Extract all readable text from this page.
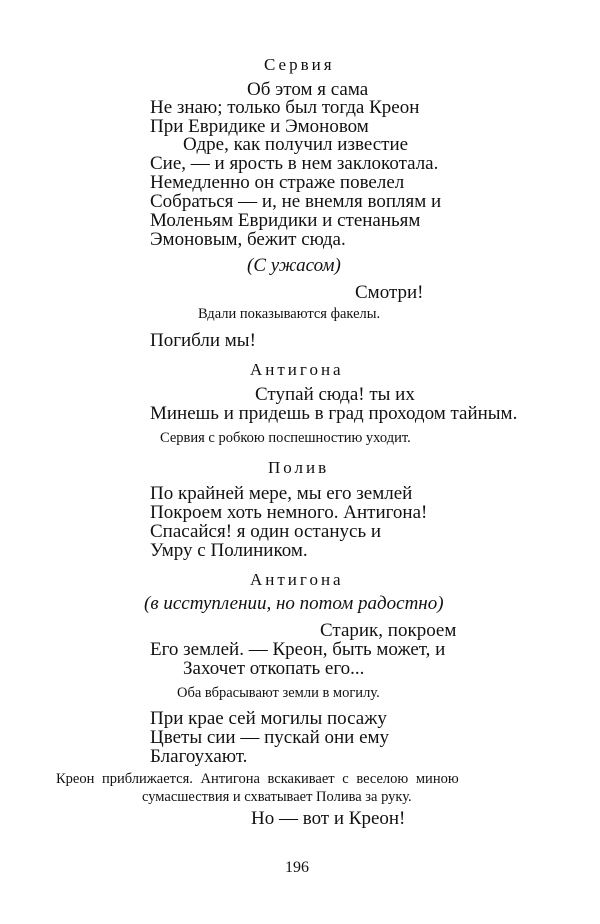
Сервия
Об этом я сама
Не знаю; только был тогда Креон
При Евридике и Эмоновом
Одре, как получил известие
Сие, — и ярость в нем заклокотала.
Немедленно он страже повелел
Собраться — и, не внемля воплям и
Моленьям Евридики и стенаньям
Эмоновым, бежит сюда.
(С ужасом)
Смотри!
Вдали показываются факелы.
Погибли мы!
Антигона
Ступай сюда! ты их
Минешь и придешь в град проходом тайным.
Сервия с робкою поспешностию уходит.
Полив
По крайней мере, мы его землей
Покроем хоть немного. Антигона!
Спасайся! я один останусь и
Умру с Полиником.
Антигона
(в исступлении, но потом радостно)
Старик, покроем
Его землей. — Креон, быть может, и
Захочет откопать его...
Оба вбрасывают земли в могилу.
При крае сей могилы посажу
Цветы сии — пускай они ему
Благоухают.
Креон приближается. Антигона вскакивает с веселою миною
сумасшествия и схватывает Полива за руку.
Но — вот и Креон!
196
